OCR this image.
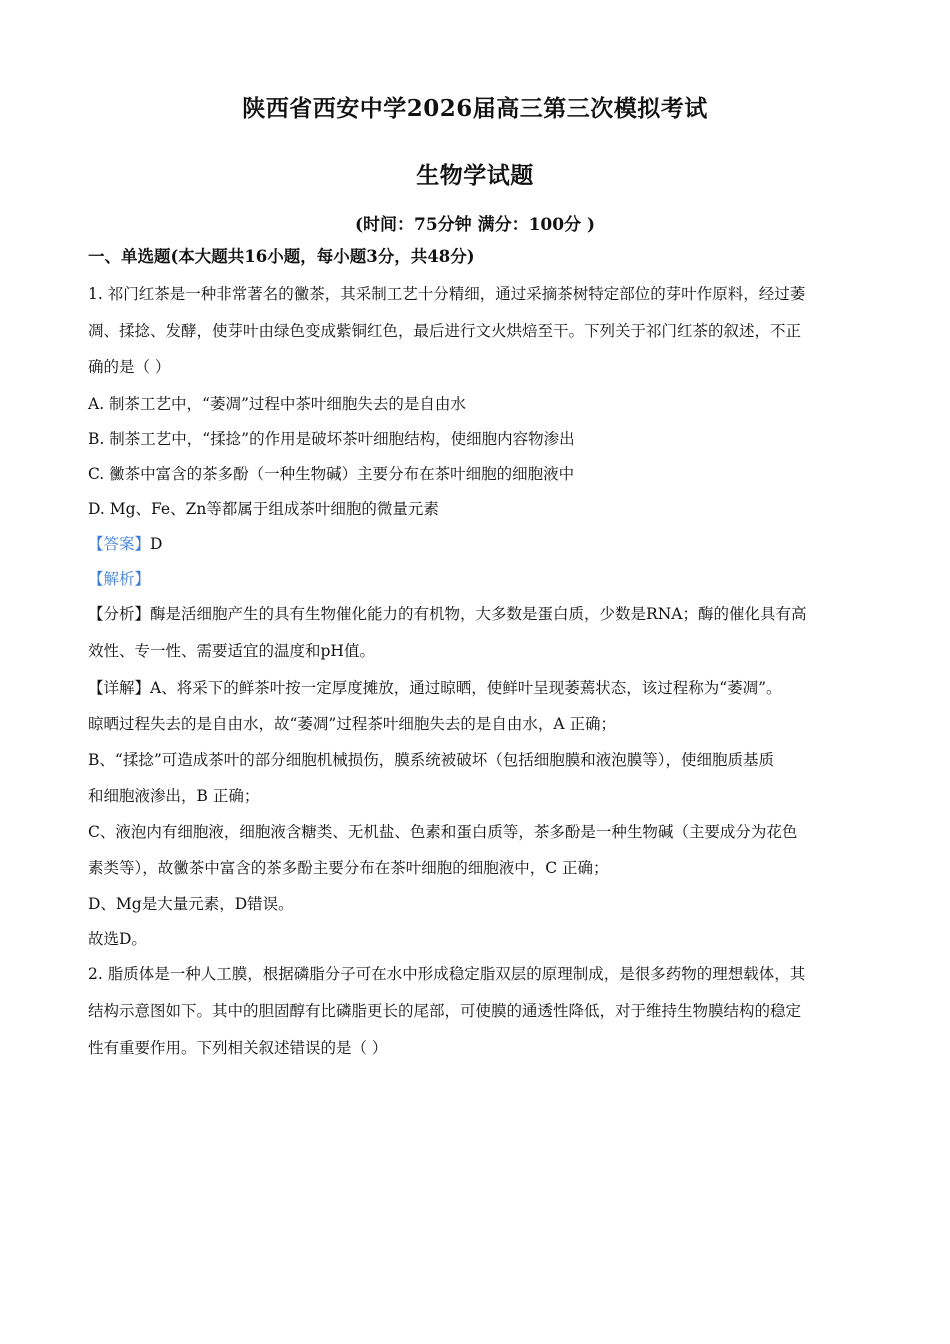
陕西省西安中学2026届高三第三次模拟考试
生物学试题
(时间：75分钟 满分：100分 )
一、单选题(本大题共16小题，每小题3分，共48分)
1. 祁门红茶是一种非常著名的黴茶，其采制工艺十分精细，通过采摘茶树特定部位的芽叶作原料，经过萎
凋、揉捻、发酵，使芽叶由绿色变成紫铜红色，最后进行文火烘焙至干。下列关于祁门红茶的叙述，不正
确的是（ ）
A. 制茶工艺中，“萎凋”过程中茶叶细胞失去的是自由水
B. 制茶工艺中，“揉捻”的作用是破坏茶叶细胞结构，使细胞内容物渗出
C. 黴茶中富含的茶多酚（一种生物碱）主要分布在茶叶细胞的细胞液中
D. Mg、Fe、Zn等都属于组成茶叶细胞的微量元素
【答案】D
【解析】
【分析】酶是活细胞产生的具有生物催化能力的有机物，大多数是蛋白质，少数是RNA；酶的催化具有高
效性、专一性、需要适宜的温度和pH值。
【详解】A、将采下的鲜茶叶按一定厚度摊放，通过晾晒，使鲜叶呈现萎蔫状态，该过程称为“萎凋”。
晾晒过程失去的是自由水，故“萎凋”过程茶叶细胞失去的是自由水，A 正确；
B、“揉捻”可造成茶叶的部分细胞机械损伤，膜系统被破坏（包括细胞膜和液泡膜等），使细胞质基质
和细胞液渗出，B 正确；
C、液泡内有细胞液，细胞液含糖类、无机盐、色素和蛋白质等，茶多酚是一种生物碱（主要成分为花色
素类等），故黴茶中富含的茶多酚主要分布在茶叶细胞的细胞液中，C 正确；
D、Mg是大量元素，D错误。
故选D。
2. 脂质体是一种人工膜，根据磷脂分子可在水中形成稳定脂双层的原理制成，是很多药物的理想载体，其
结构示意图如下。其中的胆固醇有比磷脂更长的尾部，可使膜的通透性降低，对于维持生物膜结构的稳定
性有重要作用。下列相关叙述错误的是（ ）
